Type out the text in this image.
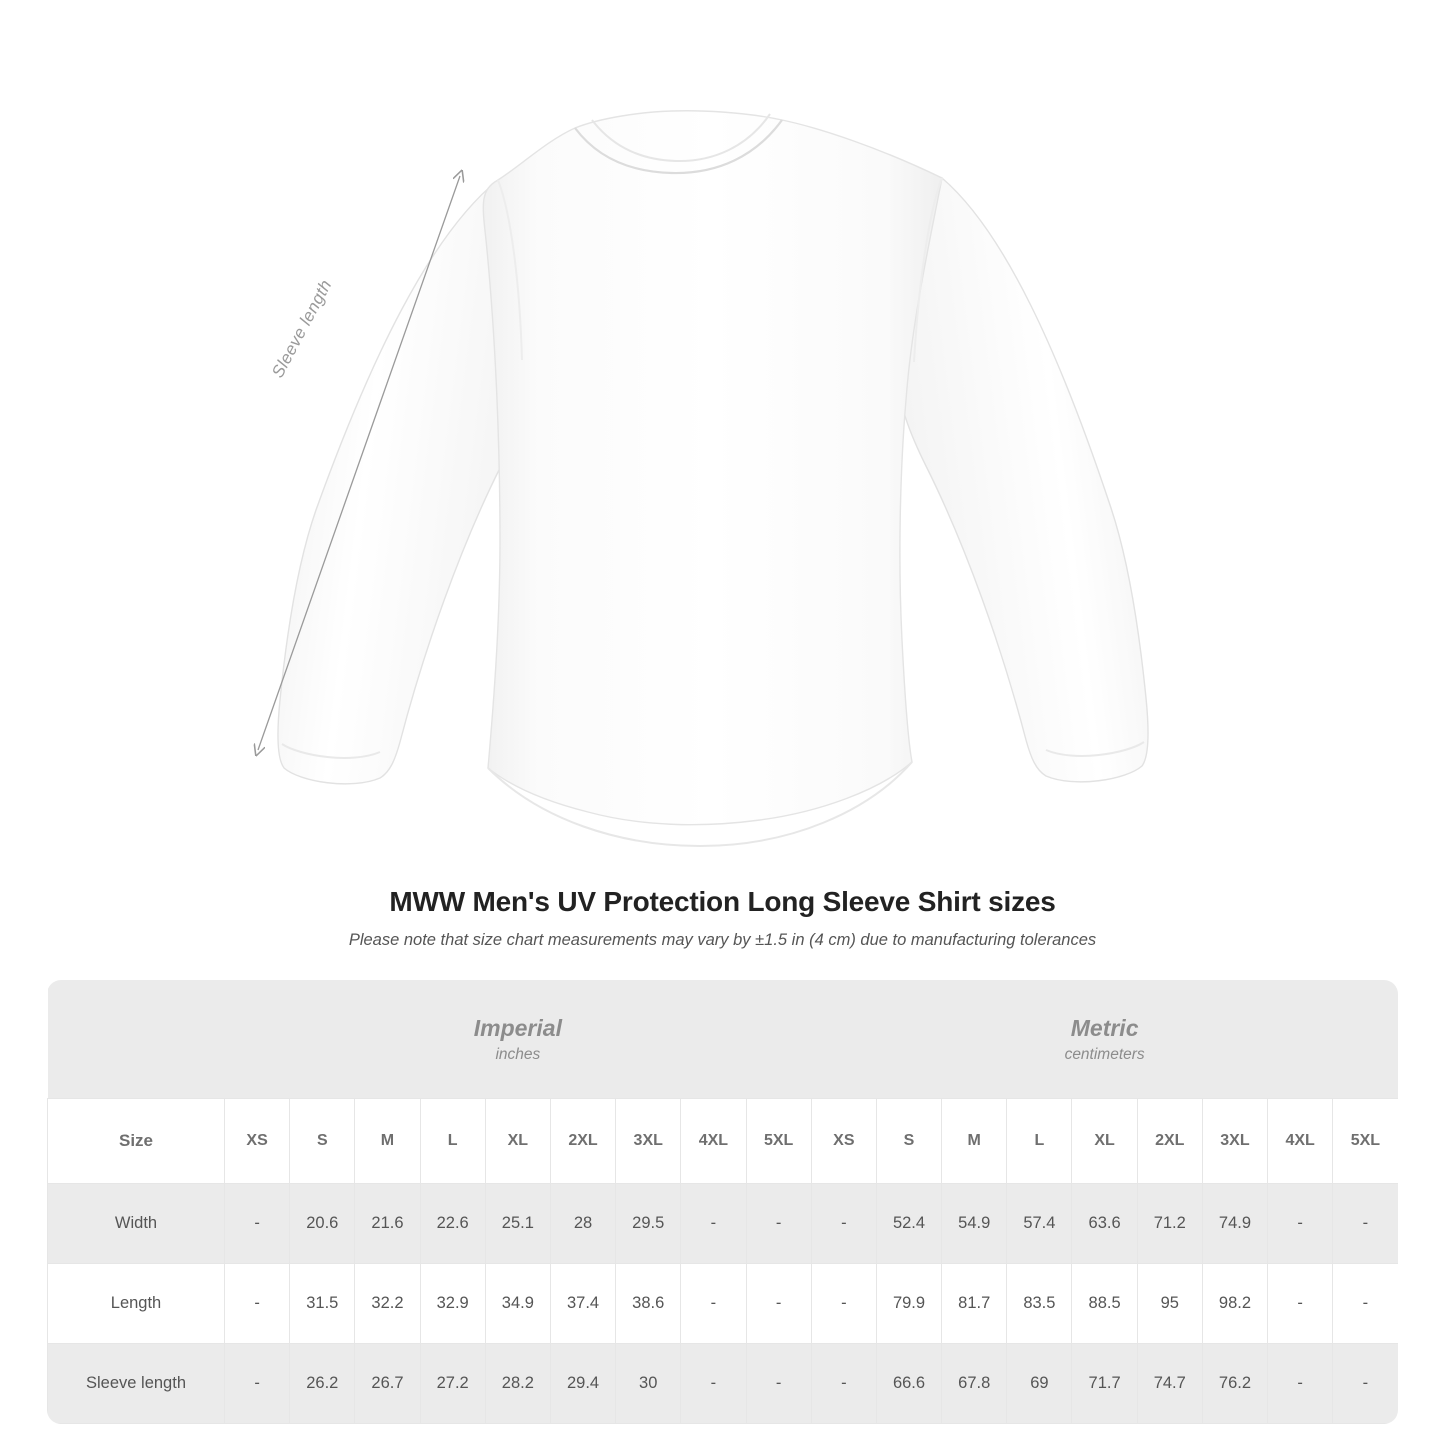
Sleeve length
MWW Men's UV Protection Long Sleeve Shirt sizes
Please note that size chart measurements may vary by ±1.5 in (4 cm) due to manufacturing tolerances

Imperial
inches

Metric
centimeters

Size	XS	S	M	L	XL	2XL	3XL	4XL	5XL	XS	S	M	L	XL	2XL	3XL	4XL	5XL
Width	-	20.6	21.6	22.6	25.1	28	29.5	-	-	-	52.4	54.9	57.4	63.6	71.2	74.9	-	-
Length	-	31.5	32.2	32.9	34.9	37.4	38.6	-	-	-	79.9	81.7	83.5	88.5	95	98.2	-	-
Sleeve length	-	26.2	26.7	27.2	28.2	29.4	30	-	-	-	66.6	67.8	69	71.7	74.7	76.2	-	-
